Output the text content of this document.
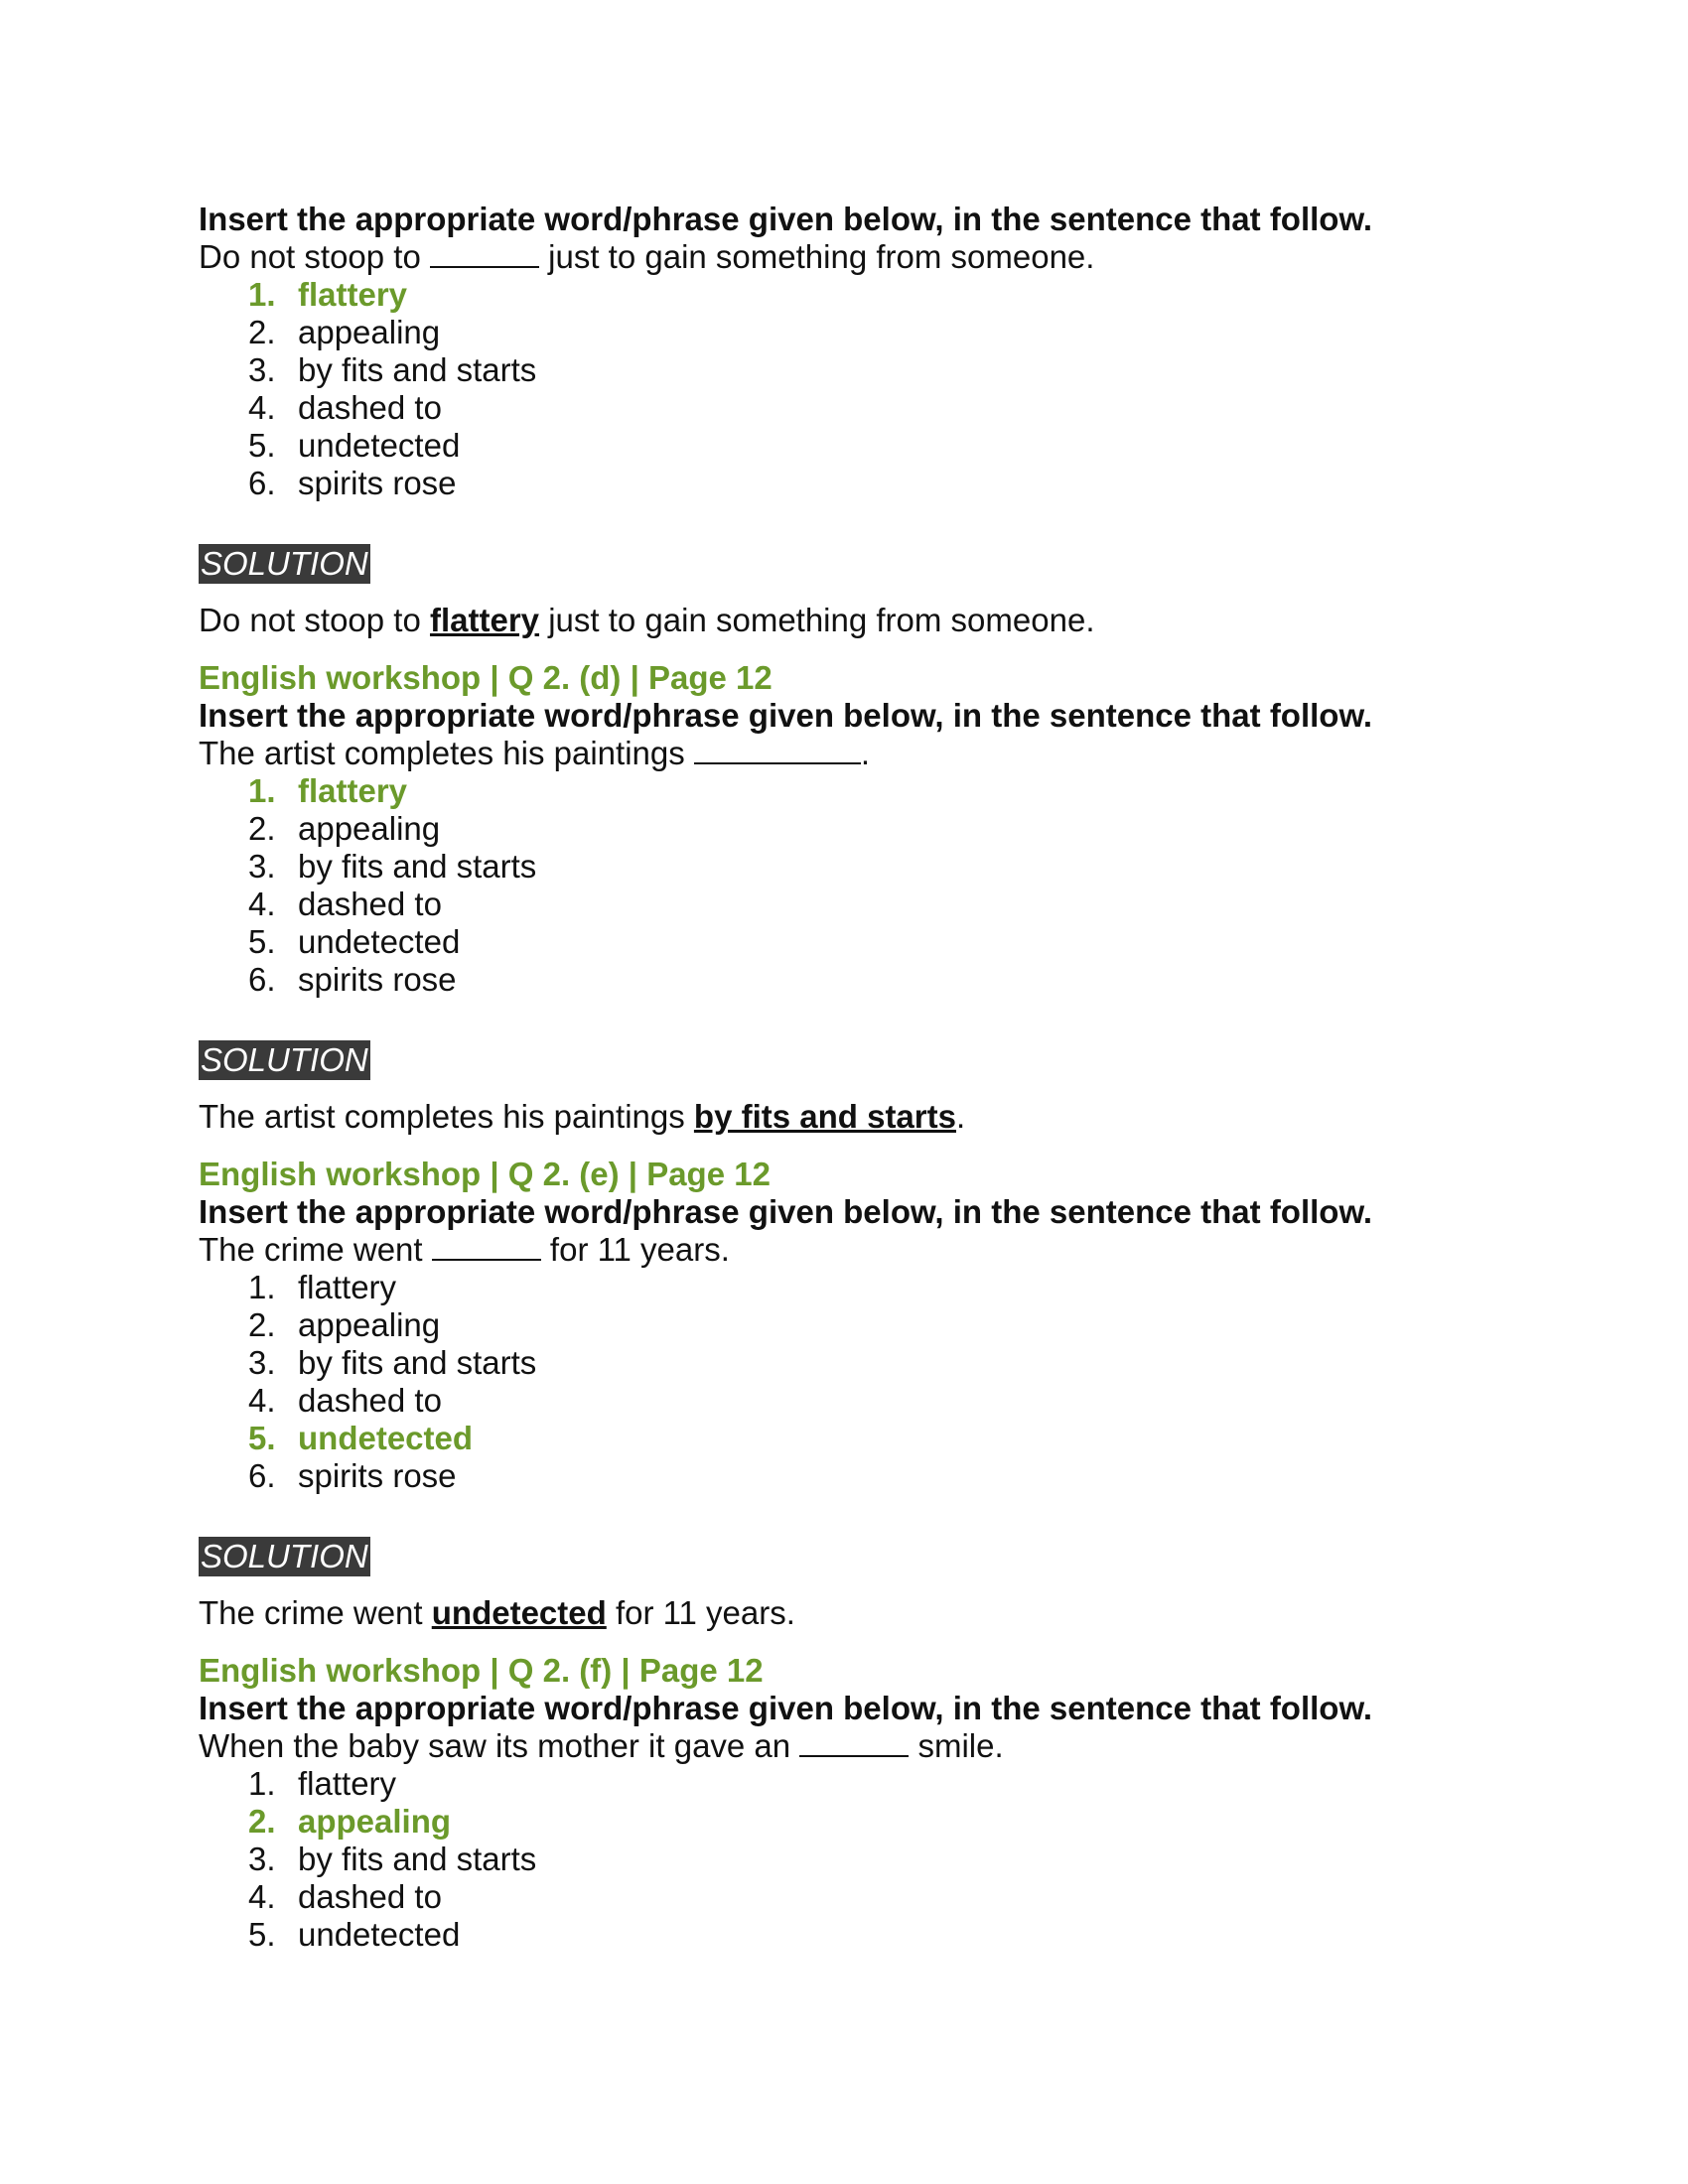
Insert the appropriate word/phrase given below, in the sentence that follow.
Do not stoop to	just to gain something from someone.
1. flattery
2. appealing
3. by fits and starts
4. dashed to
5. undetected
6. spirits rose
SOLUTION
Do not stoop to flattery just to gain something from someone.
English workshop | Q 2. (d) | Page 12
Insert the appropriate word/phrase given below, in the sentence that follow.
The artist completes his paintings	.
1. flattery
2. appealing
3. by fits and starts
4. dashed to
5. undetected
6. spirits rose
SOLUTION
The artist completes his paintings by fits and starts.
English workshop | Q 2. (e) | Page 12
Insert the appropriate word/phrase given below, in the sentence that follow.
The crime went	for 11 years.
1. flattery
2. appealing
3. by fits and starts
4. dashed to
5. undetected
6. spirits rose
SOLUTION
The crime went undetected for 11 years.
English workshop | Q 2. (f) | Page 12
Insert the appropriate word/phrase given below, in the sentence that follow.
When the baby saw its mother it gave an	smile.
1. flattery
2. appealing
3. by fits and starts
4. dashed to
5. undetected
